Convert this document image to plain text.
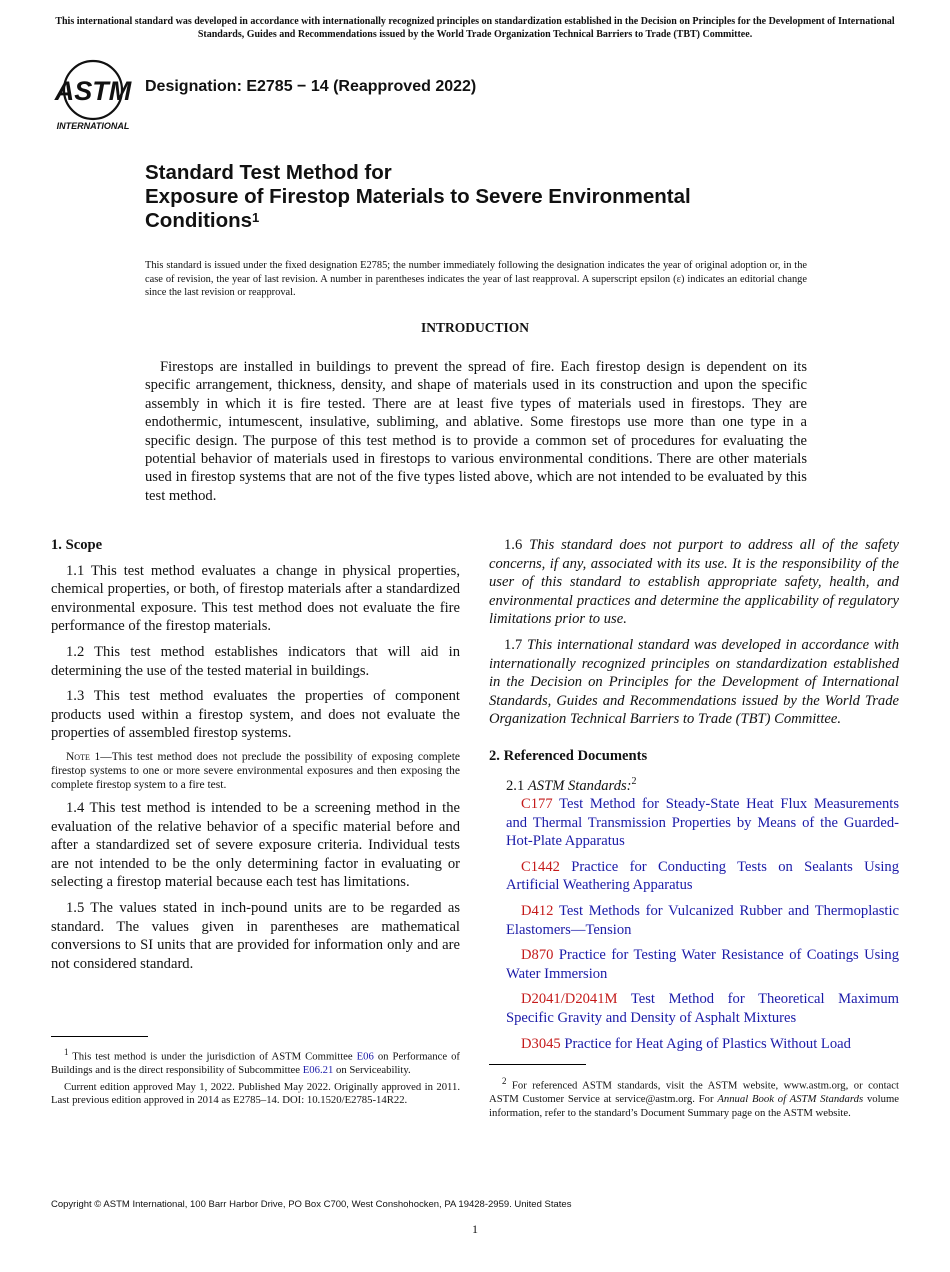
This international standard was developed in accordance with internationally recognized principles on standardization established in the Decision on Principles for the Development of International Standards, Guides and Recommendations issued by the World Trade Organization Technical Barriers to Trade (TBT) Committee.
ASTM
INTERNATIONAL
Designation: E2785 − 14 (Reapproved 2022)
Standard Test Method for
Exposure of Firestop Materials to Severe Environmental
Conditions$^1$
This standard is issued under the fixed designation E2785; the number immediately following the designation indicates the year of original adoption or, in the case of revision, the year of last revision. A number in parentheses indicates the year of last reapproval. A superscript epsilon (ε) indicates an editorial change since the last revision or reapproval.
INTRODUCTION
Firestops are installed in buildings to prevent the spread of fire. Each firestop design is dependent on its specific arrangement, thickness, density, and shape of materials used in its construction and upon the specific assembly in which it is fire tested. There are at least five types of materials used in firestops. They are endothermic, intumescent, insulative, subliming, and ablative. Some firestops use more than one type in a specific design. The purpose of this test method is to provide a common set of procedures for evaluating the potential behavior of materials used in firestops to various environmental conditions. There are other materials used in firestop systems that are not of the five types listed above, which are not intended to be evaluated by this test method.
1. Scope

1.1 This test method evaluates a change in physical properties, chemical properties, or both, of firestop materials after a standardized environmental exposure. This test method does not evaluate the fire performance of the firestop materials.

1.2 This test method establishes indicators that will aid in determining the use of the tested material in buildings.

1.3 This test method evaluates the properties of component products used within a firestop system, and does not evaluate the properties of assembled firestop systems.

Note 1—This test method does not preclude the possibility of exposing complete firestop systems to one or more severe environmental exposures and then exposing the complete firestop system to a fire test.

1.4 This test method is intended to be a screening method in the evaluation of the relative behavior of a specific material before and after a standardized set of severe exposure criteria. Individual tests are not intended to be the only determining factor in evaluating or selecting a firestop material because each test has limitations.

1.5 The values stated in inch-pound units are to be regarded as standard. The values given in parentheses are mathematical conversions to SI units that are provided for information only and are not considered standard.

1.6 This standard does not purport to address all of the safety concerns, if any, associated with its use. It is the responsibility of the user of this standard to establish appropriate safety, health, and environmental practices and determine the applicability of regulatory limitations prior to use.

1.7 This international standard was developed in accordance with internationally recognized principles on standardization established in the Decision on Principles for the Development of International Standards, Guides and Recommendations issued by the World Trade Organization Technical Barriers to Trade (TBT) Committee.

2. Referenced Documents
2.1 ASTM Standards:$^2$

C177 Test Method for Steady-State Heat Flux Measurements and Thermal Transmission Properties by Means of the Guarded-Hot-Plate Apparatus

C1442 Practice for Conducting Tests on Sealants Using Artificial Weathering Apparatus

D412 Test Methods for Vulcanized Rubber and Thermoplastic Elastomers—Tension

D870 Practice for Testing Water Resistance of Coatings Using Water Immersion

D2041/D2041M Test Method for Theoretical Maximum Specific Gravity and Density of Asphalt Mixtures

D3045 Practice for Heat Aging of Plastics Without Load

$^1$ This test method is under the jurisdiction of ASTM Committee E06 on Performance of Buildings and is the direct responsibility of Subcommittee E06.21 on Serviceability.

Current edition approved May 1, 2022. Published May 2022. Originally approved in 2011. Last previous edition approved in 2014 as E2785–14. DOI: 10.1520/E2785-14R22.

$^2$ For referenced ASTM standards, visit the ASTM website, www.astm.org, or contact ASTM Customer Service at service@astm.org. For Annual Book of ASTM Standards volume information, refer to the standard’s Document Summary page on the ASTM website.

Copyright © ASTM International, 100 Barr Harbor Drive, PO Box C700, West Conshohocken, PA 19428-2959. United States
1
